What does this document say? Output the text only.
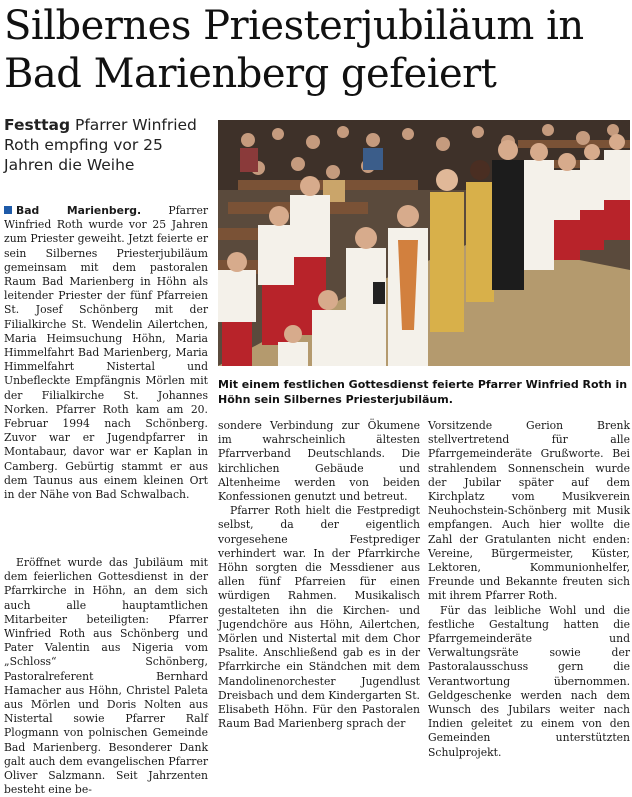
Silbernes Priesterjubiläum in
Bad Marienberg gefeiert

Festtag Pfarrer Winfried Roth empfing vor 25 Jahren die Weihe

Mit einem festlichen Gottesdienst feierte Pfarrer Winfried Roth in Höhn sein Silbernes Priesterjubiläum.

Bad Marienberg. Pfarrer Winfried Roth wurde vor 25 Jahren zum Priester geweiht. Jetzt feierte er sein Silbernes Priesterjubiläum gemeinsam mit dem pastoralen Raum Bad Marienberg in Höhn als leitender Priester der fünf Pfarreien St. Josef Schönberg mit der Filialkirche St. Wendelin Ailertchen, Maria Heimsuchung Höhn, Maria Himmelfahrt Bad Marienberg, Maria Himmelfahrt Nistertal und Unbefleckte Empfängnis Mörlen mit der Filialkirche St. Johannes Norken. Pfarrer Roth kam am 20. Februar 1994 nach Schönberg. Zuvor war er Jugendpfarrer in Montabaur, davor war er Kaplan in Camberg. Gebürtig stammt er aus dem Taunus aus einem kleinen Ort in der Nähe von Bad Schwalbach.

Eröffnet wurde das Jubiläum mit dem feierlichen Gottesdienst in der Pfarrkirche in Höhn, an dem sich auch alle hauptamtlichen Mitarbeiter beteiligten: Pfarrer Winfried Roth aus Schönberg und Pater Valentin aus Nigeria vom „Schloss“ Schönberg, Pastoralreferent Bernhard Hamacher aus Höhn, Christel Paleta aus Mörlen und Doris Nolten aus Nistertal sowie Pfarrer Ralf Plogmann von polnischen Gemeinde Bad Marienberg. Besonderer Dank galt auch dem evangelischen Pfarrer Oliver Salzmann. Seit Jahrzenten besteht eine be-

sondere Verbindung zur Ökumene im wahrscheinlich ältesten Pfarrverband Deutschlands. Die kirchlichen Gebäude und Altenheime werden von beiden Konfessionen genutzt und betreut.

Pfarrer Roth hielt die Festpredigt selbst, da der eigentlich vorgesehene Festprediger verhindert war. In der Pfarrkirche Höhn sorgten die Messdiener aus allen fünf Pfarreien für einen würdigen Rahmen. Musikalisch gestalteten ihn die Kirchen- und Jugendchöre aus Höhn, Ailertchen, Mörlen und Nistertal mit dem Chor Psalite. Anschließend gab es in der Pfarrkirche ein Ständchen mit dem Mandolinenorchester Jugendlust Dreisbach und dem Kindergarten St. Elisabeth Höhn. Für den Pastoralen Raum Bad Marienberg sprach der

Vorsitzende Gerion Brenk stellvertretend für alle Pfarrgemeinderäte Grußworte. Bei strahlendem Sonnenschein wurde der Jubilar später auf dem Kirchplatz vom Musikverein Neuhochstein-Schönberg mit Musik empfangen. Auch hier wollte die Zahl der Gratulanten nicht enden: Vereine, Bürgermeister, Küster, Lektoren, Kommunionhelfer, Freunde und Bekannte freuten sich mit ihrem Pfarrer Roth.

Für das leibliche Wohl und die festliche Gestaltung hatten die Pfarrgemeinderäte und Verwaltungsräte sowie der Pastoralausschuss gern die Verantwortung übernommen. Geldgeschenke werden nach dem Wunsch des Jubilars weiter nach Indien geleitet zu einem von den Gemeinden unterstützten Schulprojekt.
